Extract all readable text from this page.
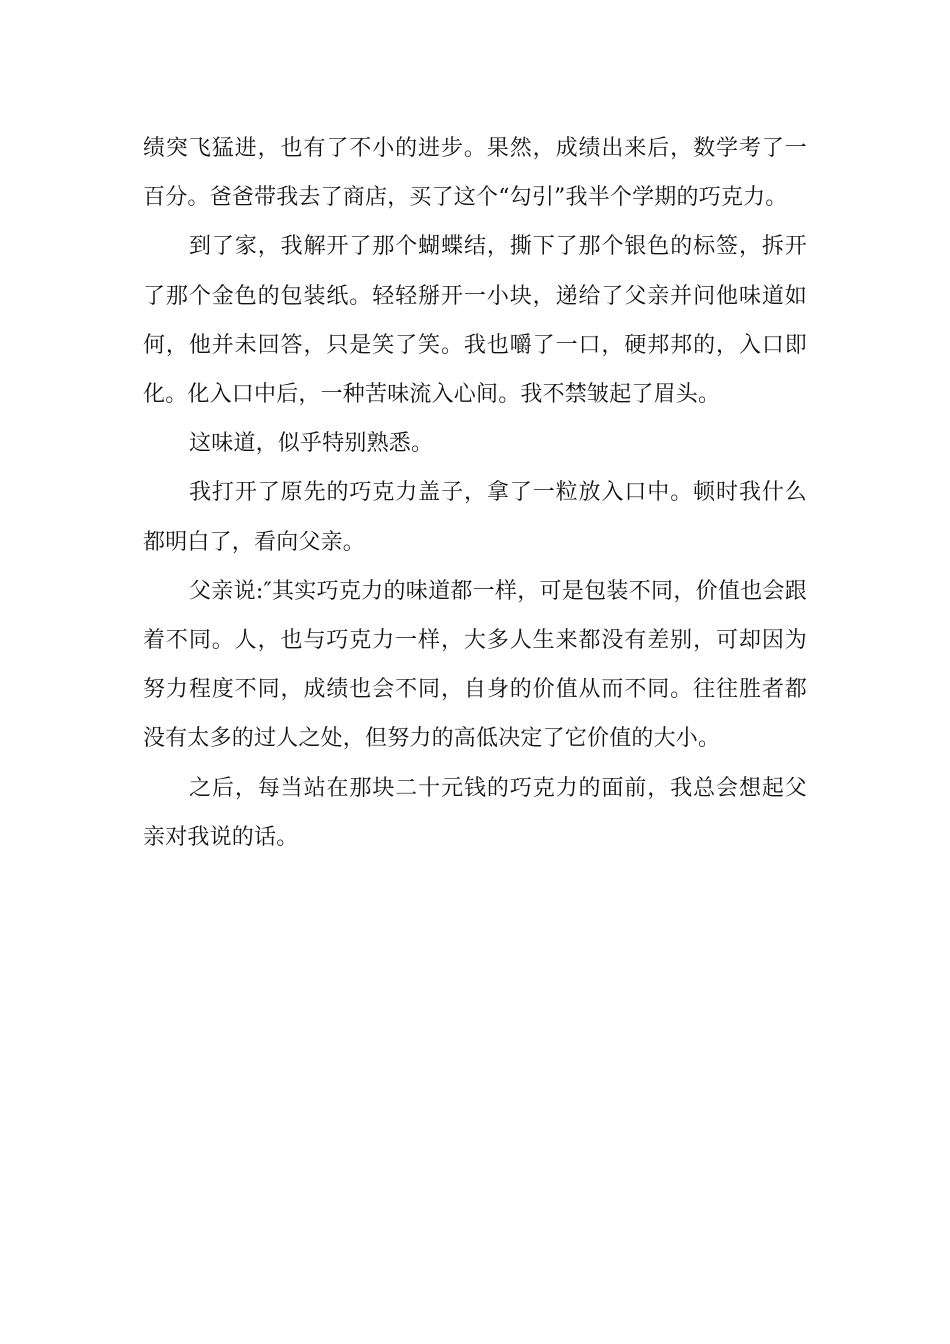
绩突飞猛进，也有了不小的进步。果然，成绩出来后，数学考了一百分。爸爸带我去了商店，买了这个“勾引”我半个学期的巧克力。

到了家，我解开了那个蝴蝶结，撕下了那个银色的标签，拆开了那个金色的包装纸。轻轻掰开一小块，递给了父亲并问他味道如何，他并未回答，只是笑了笑。我也嚼了一口，硬邦邦的，入口即化。化入口中后，一种苦味流入心间。我不禁皱起了眉头。

这味道，似乎特别熟悉。

我打开了原先的巧克力盖子，拿了一粒放入口中。顿时我什么都明白了，看向父亲。

父亲说:″其实巧克力的味道都一样，可是包装不同，价值也会跟着不同。人，也与巧克力一样，大多人生来都没有差别，可却因为努力程度不同，成绩也会不同，自身的价值从而不同。往往胜者都没有太多的过人之处，但努力的高低决定了它价值的大小。

之后，每当站在那块二十元钱的巧克力的面前，我总会想起父亲对我说的话。
